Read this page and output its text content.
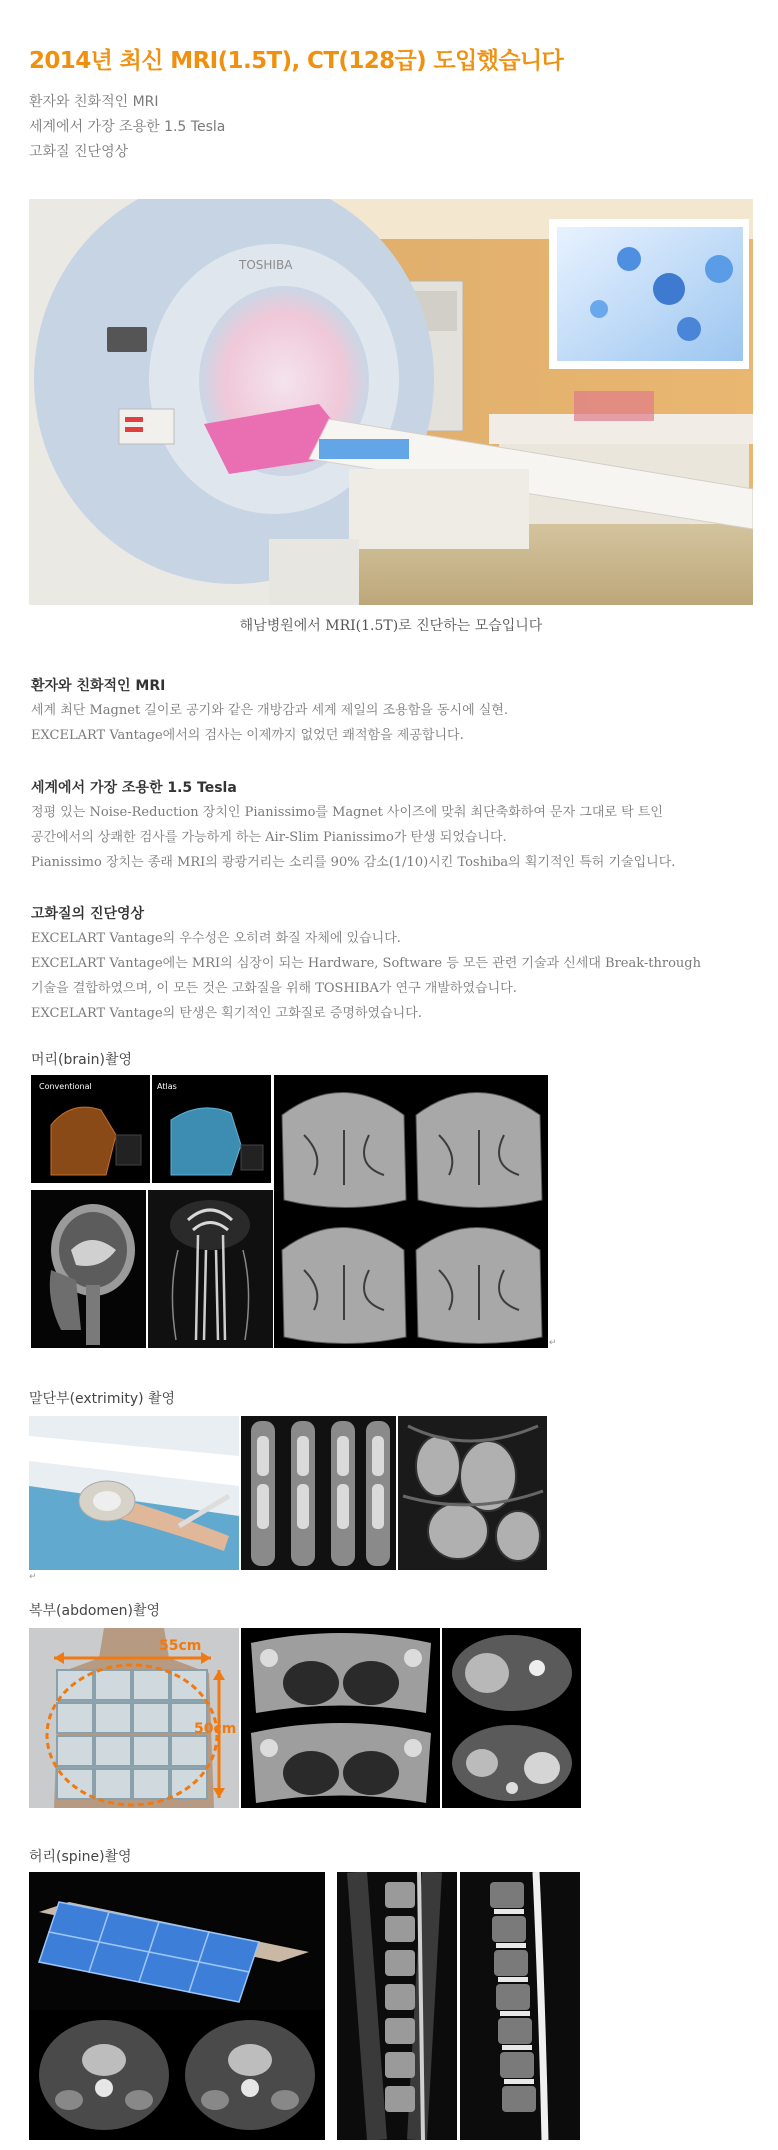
2014년 최신 MRI(1.5T), CT(128급) 도입했습니다
환자와 친화적인 MRI
세계에서 가장 조용한 1.5 Tesla
고화질 진단영상
TOSHIBA
해남병원에서 MRI(1.5T)로 진단하는 모습입니다
환자와 친화적인 MRI
세계 최단 Magnet 길이로 공기와 같은 개방감과 세계 제일의 조용함을 동시에 실현.
EXCELART Vantage에서의 검사는 이제까지 없었던 쾌적함을 제공합니다.
세계에서 가장 조용한 1.5 Tesla
정평 있는 Noise-Reduction 장치인 Pianissimo를 Magnet 사이즈에 맞춰 최단축화하여 문자 그대로 탁 트인
공간에서의 상쾌한 검사를 가능하게 하는 Air-Slim Pianissimo가 탄생 되었습니다.
Pianissimo 장치는 종래 MRI의 쾅쾅거리는 소리를 90% 감소(1/10)시킨 Toshiba의 획기적인 특허 기술입니다.
고화질의 진단영상
EXCELART Vantage의 우수성은 오히려 화질 자체에 있습니다.
EXCELART Vantage에는 MRI의 심장이 되는 Hardware, Software 등 모든 관련 기술과 신세대 Break-through
기술을 결합하였으며, 이 모든 것은 고화질을 위해 TOSHIBA가 연구 개발하였습니다.
EXCELART Vantage의 탄생은 획기적인 고화질로 증명하였습니다.
머리(brain)촬영
Conventional	Atlas
↵
말단부(extrimity) 촬영
↵
복부(abdomen)촬영
55cm
50cm
허리(spine)촬영
